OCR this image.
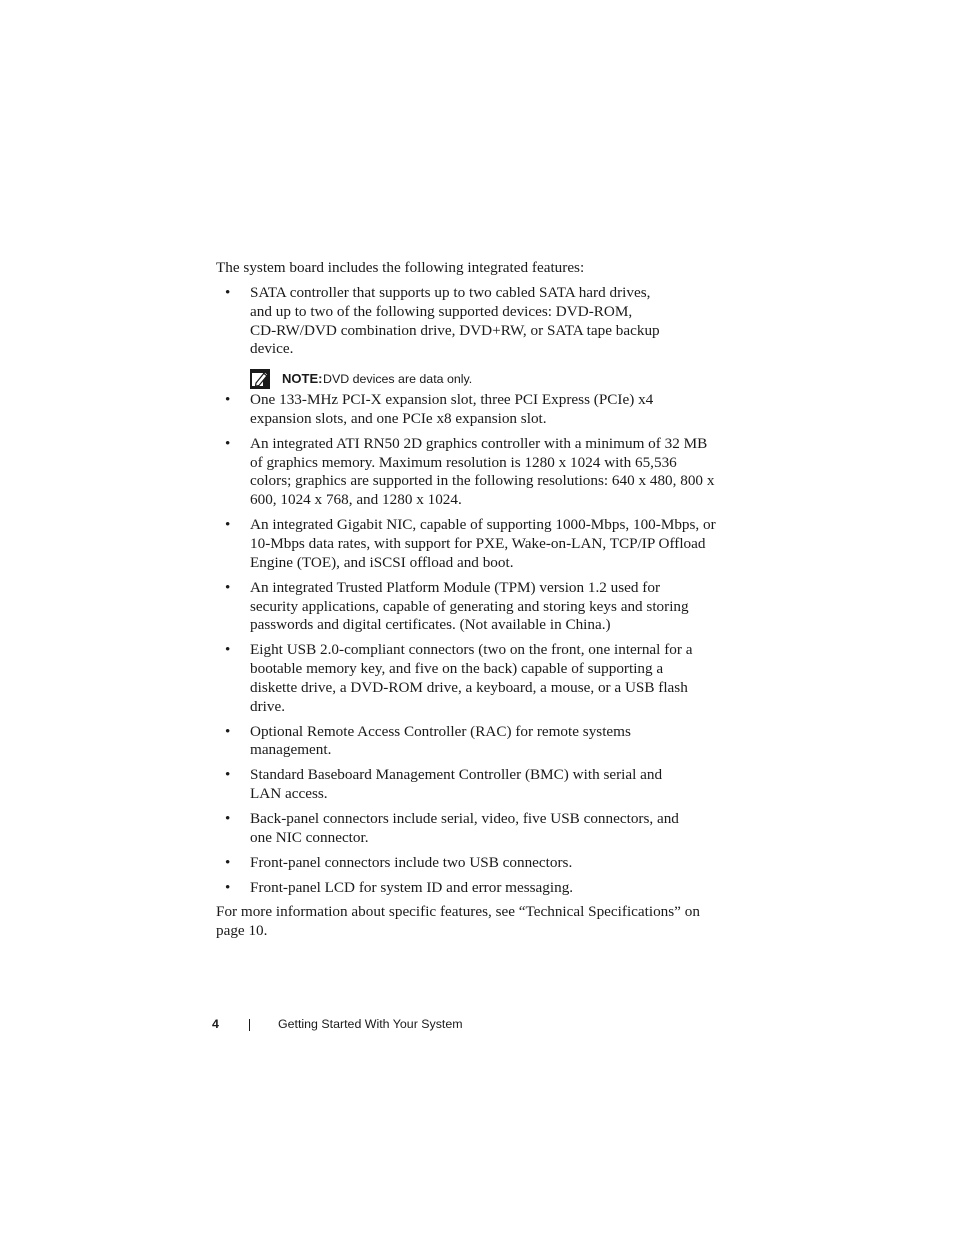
The system board includes the following integrated features:

• SATA controller that supports up to two cabled SATA hard drives, and up to two of the following supported devices: DVD-ROM, CD-RW/DVD combination drive, DVD+RW, or SATA tape backup device.
NOTE: DVD devices are data only.
• One 133-MHz PCI-X expansion slot, three PCI Express (PCIe) x4 expansion slots, and one PCIe x8 expansion slot.
• An integrated ATI RN50 2D graphics controller with a minimum of 32 MB of graphics memory. Maximum resolution is 1280 x 1024 with 65,536 colors; graphics are supported in the following resolutions: 640 x 480, 800 x 600, 1024 x 768, and 1280 x 1024.
• An integrated Gigabit NIC, capable of supporting 1000-Mbps, 100-Mbps, or 10-Mbps data rates, with support for PXE, Wake-on-LAN, TCP/IP Offload Engine (TOE), and iSCSI offload and boot.
• An integrated Trusted Platform Module (TPM) version 1.2 used for security applications, capable of generating and storing keys and storing passwords and digital certificates. (Not available in China.)
• Eight USB 2.0-compliant connectors (two on the front, one internal for a bootable memory key, and five on the back) capable of supporting a diskette drive, a DVD-ROM drive, a keyboard, a mouse, or a USB flash drive.
• Optional Remote Access Controller (RAC) for remote systems management.
• Standard Baseboard Management Controller (BMC) with serial and LAN access.
• Back-panel connectors include serial, video, five USB connectors, and one NIC connector.
• Front-panel connectors include two USB connectors.
• Front-panel LCD for system ID and error messaging.

For more information about specific features, see “Technical Specifications” on page 10.

4	Getting Started With Your System
